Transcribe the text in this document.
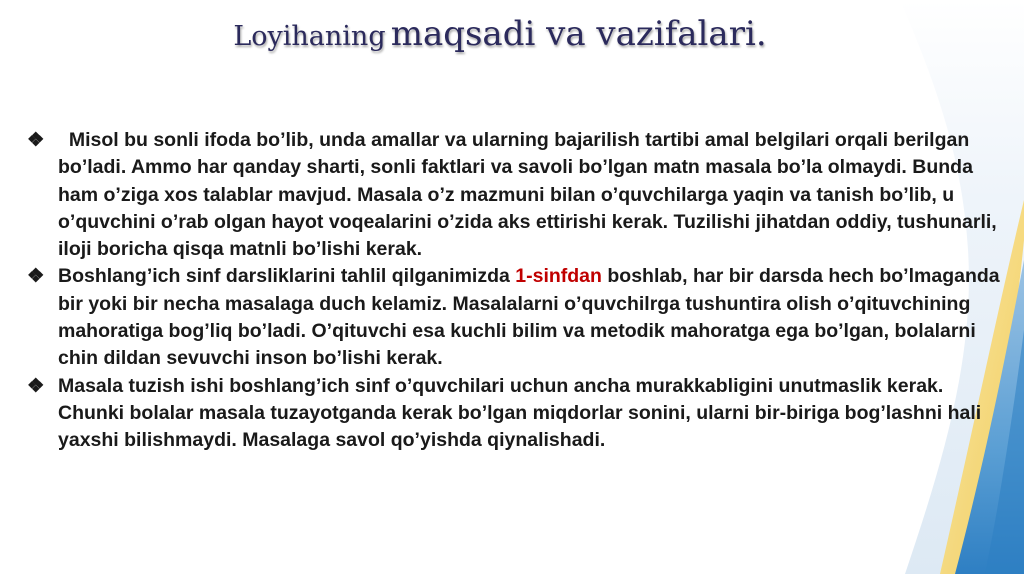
Loyihaning maqsadi va vazifalari.
❖ Misol bu sonli ifoda bo’lib, unda amallar va ularning bajarilish tartibi amal belgilari orqali berilgan bo’ladi. Ammo har qanday sharti, sonli faktlari va savoli bo’lgan matn masala bo’la olmaydi. Bunda ham o’ziga xos talablar mavjud. Masala o’z mazmuni bilan o’quvchilarga yaqin va tanish bo’lib, u o’quvchini o’rab olgan hayot voqealarini o’zida aks ettirishi kerak. Tuzilishi jihatdan oddiy, tushunarli, iloji boricha qisqa matnli bo’lishi kerak.
❖ Boshlang’ich sinf darsliklarini tahlil qilganimizda 1-sinfdan boshlab, har bir darsda hech bo’lmaganda bir yoki bir necha masalaga duch kelamiz. Masalalarni o’quvchilrga tushuntira olish o’qituvchining mahoratiga bog’liq bo’ladi. O’qituvchi esa kuchli bilim va metodik mahoratga ega bo’lgan, bolalarni chin dildan sevuvchi inson bo’lishi kerak.
❖ Masala tuzish ishi boshlang’ich sinf o’quvchilari uchun ancha murakkabligini unutmaslik kerak. Chunki bolalar masala tuzayotganda kerak bo’lgan miqdorlar sonini, ularni bir-biriga bog’lashni hali yaxshi bilishmaydi. Masalaga savol qo’yishda qiynalishadi.
